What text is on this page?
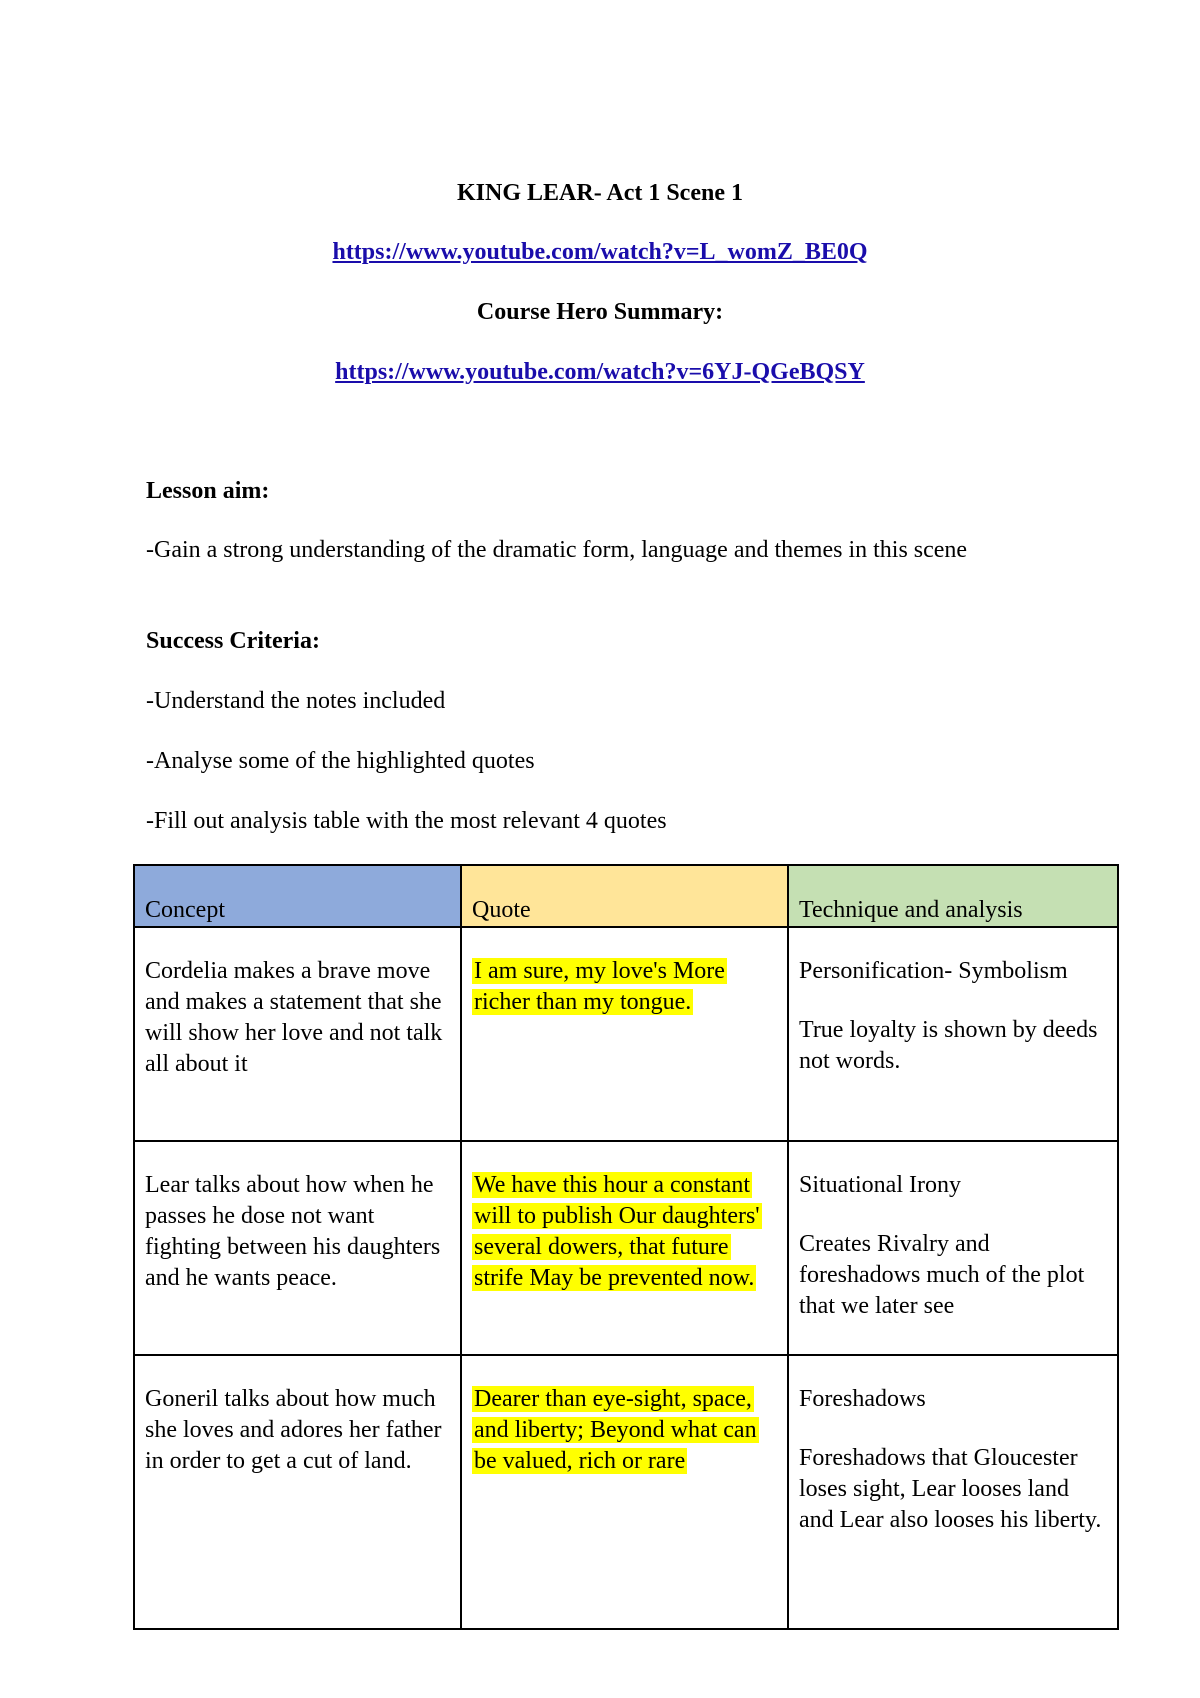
KING LEAR- Act 1 Scene 1
https://www.youtube.com/watch?v=L_womZ_BE0Q
Course Hero Summary:
https://www.youtube.com/watch?v=6YJ-QGeBQSY
Lesson aim:
-Gain a strong understanding of the dramatic form, language and themes in this scene
Success Criteria:
-Understand the notes included
-Analyse some of the highlighted quotes
-Fill out analysis table with the most relevant 4 quotes
Concept	Quote	Technique and analysis

Cordelia makes a brave move and makes a statement that she will show her love and not talk all about it	I am sure, my love's More richer than my tongue.	Personification- Symbolism
True loyalty is shown by deeds not words.

Lear talks about how when he passes he dose not want fighting between his daughters and he wants peace.	We have this hour a constant will to publish Our daughters' several dowers, that future strife May be prevented now.	Situational Irony
Creates Rivalry and foreshadows much of the plot that we later see

Goneril talks about how much she loves and adores her father in order to get a cut of land.	Dearer than eye-sight, space, and liberty; Beyond what can be valued, rich or rare	Foreshadows
Foreshadows that Gloucester loses sight, Lear looses land and Lear also looses his liberty.
